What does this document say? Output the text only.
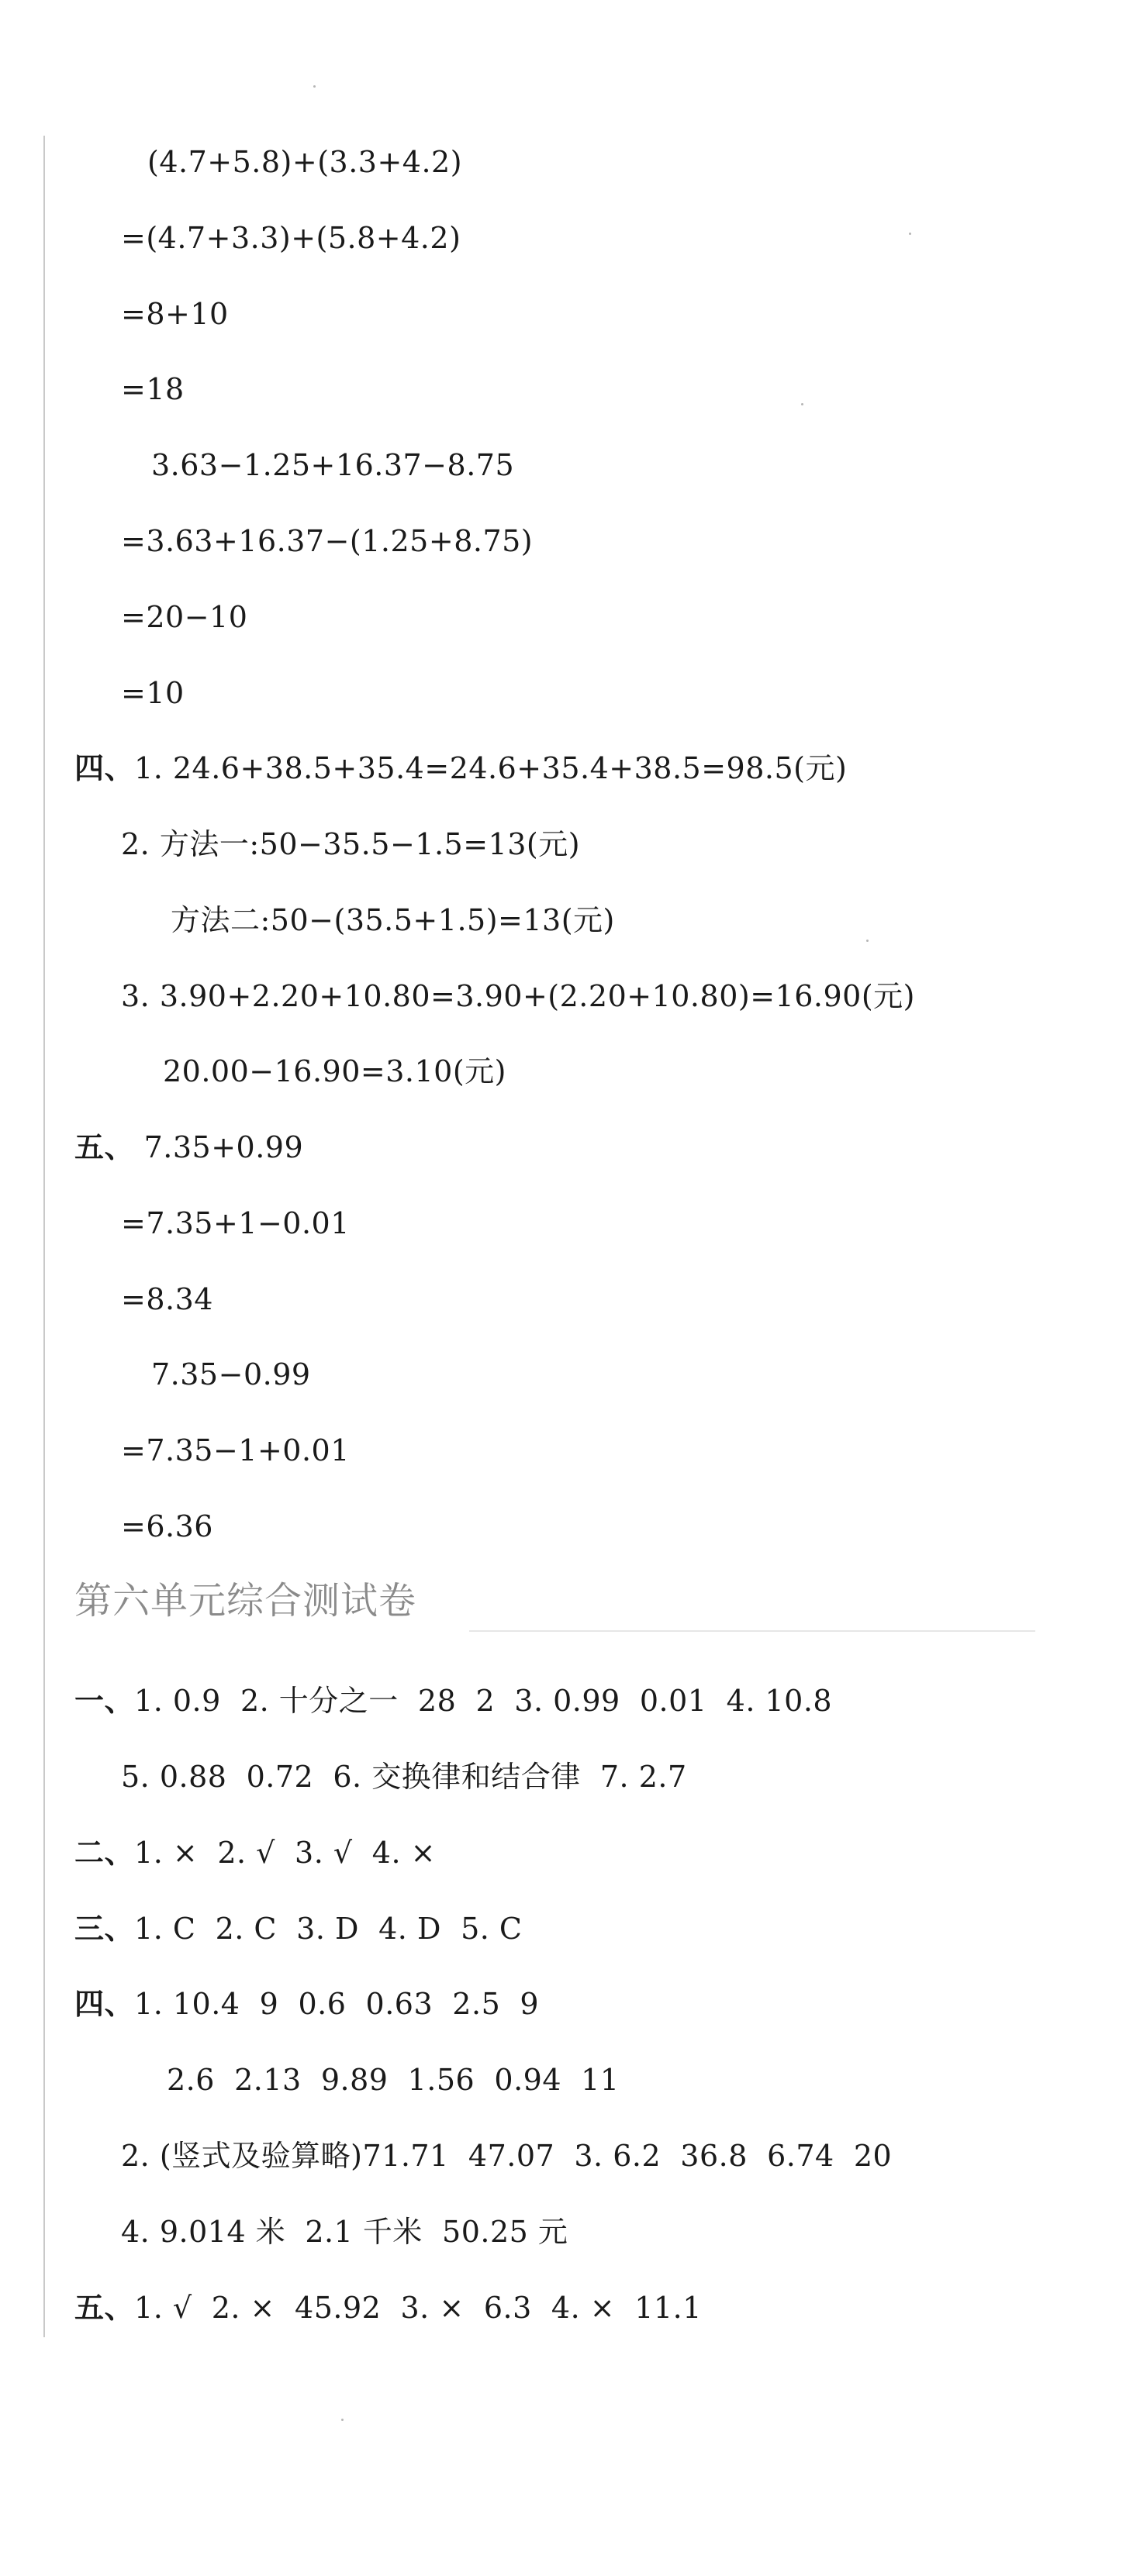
(4.7+5.8)+(3.3+4.2)
=(4.7+3.3)+(5.8+4.2)
=8+10
=18
3.63−1.25+16.37−8.75
=3.63+16.37−(1.25+8.75)
=20−10
=10
四、1. 24.6+38.5+35.4=24.6+35.4+38.5=98.5(元)
2. 方法一:50−35.5−1.5=13(元)
方法二:50−(35.5+1.5)=13(元)
3. 3.90+2.20+10.80=3.90+(2.20+10.80)=16.90(元)
20.00−16.90=3.10(元)
五、 7.35+0.99
=7.35+1−0.01
=8.34
7.35−0.99
=7.35−1+0.01
=6.36
第六单元综合测试卷
一、1. 0.9  2. 十分之一  28  2  3. 0.99  0.01  4. 10.8
5. 0.88  0.72  6. 交换律和结合律  7. 2.7
二、1. ×  2. √  3. √  4. ×
三、1. C  2. C  3. D  4. D  5. C
四、1. 10.4  9  0.6  0.63  2.5  9
2.6  2.13  9.89  1.56  0.94  11
2. (竖式及验算略)71.71  47.07  3. 6.2  36.8  6.74  20
4. 9.014 米  2.1 千米  50.25 元
五、1. √  2. ×  45.92  3. ×  6.3  4. ×  11.1
